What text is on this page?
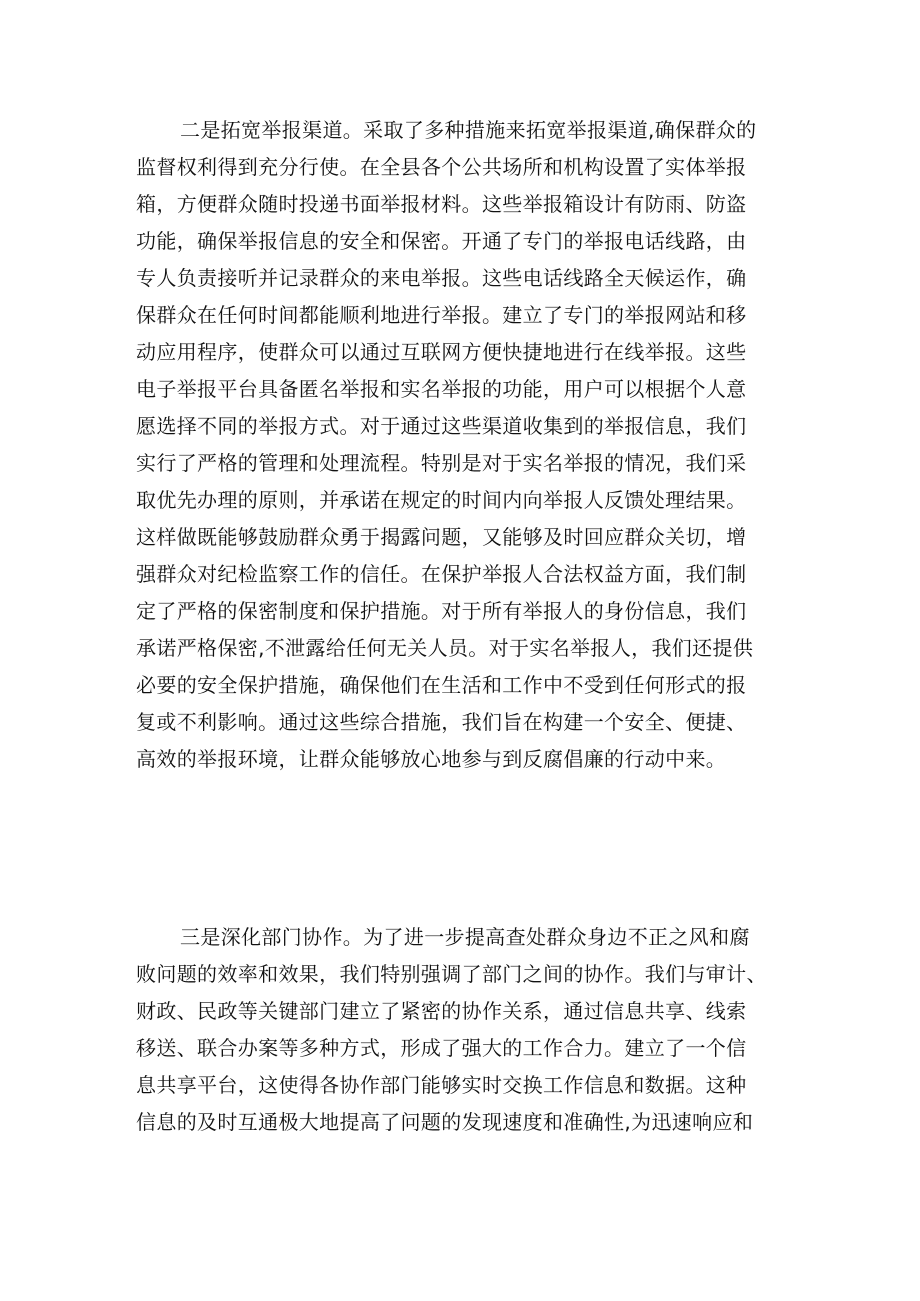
二是拓宽举报渠道。采取了多种措施来拓宽举报渠道,确保群众的
监督权利得到充分行使。在全县各个公共场所和机构设置了实体举报
箱，方便群众随时投递书面举报材料。这些举报箱设计有防雨、防盗
功能，确保举报信息的安全和保密。开通了专门的举报电话线路，由
专人负责接听并记录群众的来电举报。这些电话线路全天候运作，确
保群众在任何时间都能顺利地进行举报。建立了专门的举报网站和移
动应用程序，使群众可以通过互联网方便快捷地进行在线举报。这些
电子举报平台具备匿名举报和实名举报的功能，用户可以根据个人意
愿选择不同的举报方式。对于通过这些渠道收集到的举报信息，我们
实行了严格的管理和处理流程。特别是对于实名举报的情况，我们采
取优先办理的原则，并承诺在规定的时间内向举报人反馈处理结果。
这样做既能够鼓励群众勇于揭露问题，又能够及时回应群众关切，增
强群众对纪检监察工作的信任。在保护举报人合法权益方面，我们制
定了严格的保密制度和保护措施。对于所有举报人的身份信息，我们
承诺严格保密,不泄露给任何无关人员。对于实名举报人，我们还提供
必要的安全保护措施，确保他们在生活和工作中不受到任何形式的报
复或不利影响。通过这些综合措施，我们旨在构建一个安全、便捷、
高效的举报环境，让群众能够放心地参与到反腐倡廉的行动中来。
三是深化部门协作。为了进一步提高查处群众身边不正之风和腐
败问题的效率和效果，我们特别强调了部门之间的协作。我们与审计、
财政、民政等关键部门建立了紧密的协作关系，通过信息共享、线索
移送、联合办案等多种方式，形成了强大的工作合力。建立了一个信
息共享平台，这使得各协作部门能够实时交换工作信息和数据。这种
信息的及时互通极大地提高了问题的发现速度和准确性,为迅速响应和
